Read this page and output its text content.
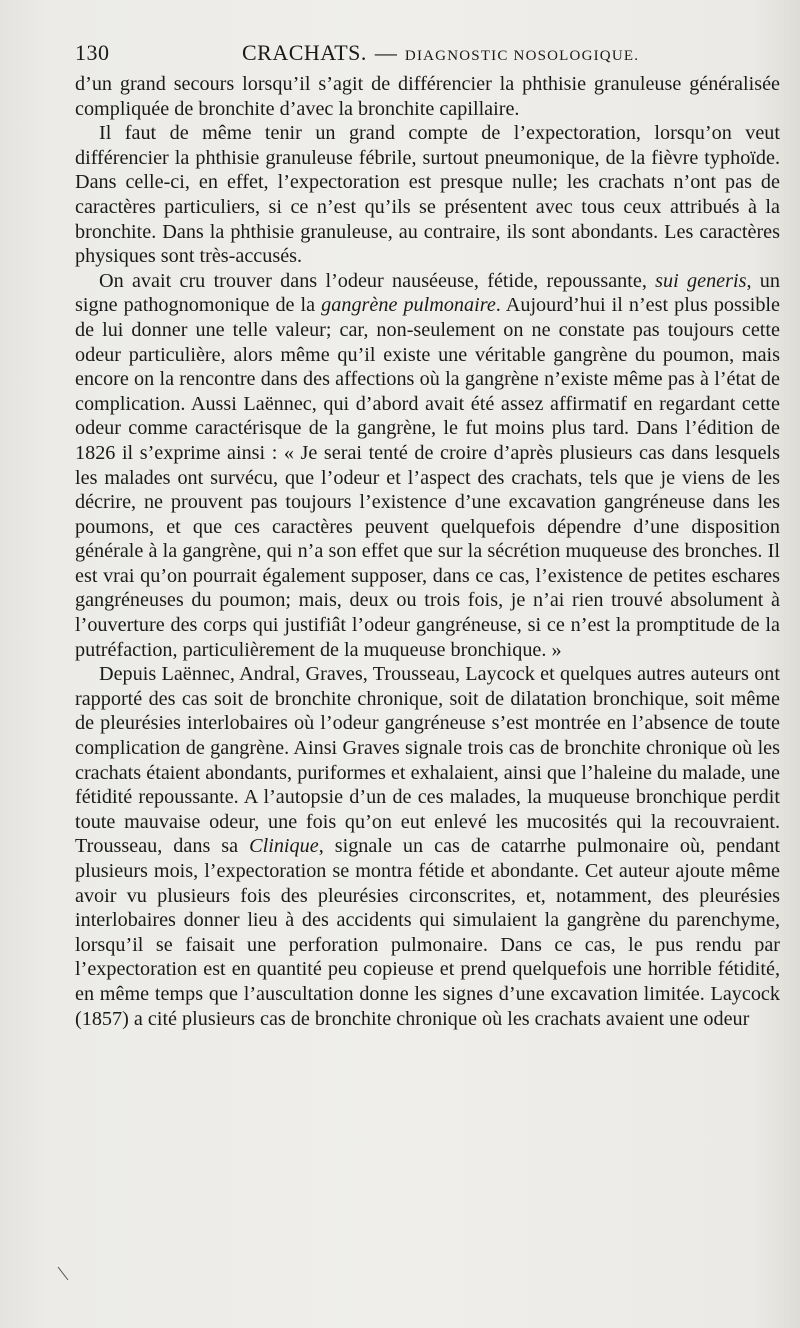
130	CRACHATS. — DIAGNOSTIC NOSOLOGIQUE.

d’un grand secours lorsqu’il s’agit de différencier la phthisie granuleuse généralisée compliquée de bronchite d’avec la bronchite capillaire.

Il faut de même tenir un grand compte de l’expectoration, lorsqu’on veut différencier la phthisie granuleuse fébrile, surtout pneumonique, de la fièvre typhoïde. Dans celle-ci, en effet, l’expectoration est presque nulle; les crachats n’ont pas de caractères particuliers, si ce n’est qu’ils se présentent avec tous ceux attribués à la bronchite. Dans la phthisie granuleuse, au contraire, ils sont abondants. Les caractères physiques sont très-accusés.

On avait cru trouver dans l’odeur nauséeuse, fétide, repoussante, sui generis, un signe pathognomonique de la gangrène pulmonaire. Aujourd’hui il n’est plus possible de lui donner une telle valeur; car, non-seulement on ne constate pas toujours cette odeur particulière, alors même qu’il existe une véritable gangrène du poumon, mais encore on la rencontre dans des affections où la gangrène n’existe même pas à l’état de complication. Aussi Laënnec, qui d’abord avait été assez affirmatif en regardant cette odeur comme caractérisque de la gangrène, le fut moins plus tard. Dans l’édition de 1826 il s’exprime ainsi : « Je serai tenté de croire d’après plusieurs cas dans lesquels les malades ont survécu, que l’odeur et l’aspect des crachats, tels que je viens de les décrire, ne prouvent pas toujours l’existence d’une excavation gangréneuse dans les poumons, et que ces caractères peuvent quelquefois dépendre d’une disposition générale à la gangrène, qui n’a son effet que sur la sécrétion muqueuse des bronches. Il est vrai qu’on pourrait également supposer, dans ce cas, l’existence de petites eschares gangréneuses du poumon; mais, deux ou trois fois, je n’ai rien trouvé absolument à l’ouverture des corps qui justifiât l’odeur gangréneuse, si ce n’est la promptitude de la putréfaction, particulièrement de la muqueuse bronchique. »

Depuis Laënnec, Andral, Graves, Trousseau, Laycock et quelques autres auteurs ont rapporté des cas soit de bronchite chronique, soit de dilatation bronchique, soit même de pleurésies interlobaires où l’odeur gangréneuse s’est montrée en l’absence de toute complication de gangrène. Ainsi Graves signale trois cas de bronchite chronique où les crachats étaient abondants, puriformes et exhalaient, ainsi que l’haleine du malade, une fétidité repoussante. A l’autopsie d’un de ces malades, la muqueuse bronchique perdit toute mauvaise odeur, une fois qu’on eut enlevé les mucosités qui la recouvraient. Trousseau, dans sa Clinique, signale un cas de catarrhe pulmonaire où, pendant plusieurs mois, l’expectoration se montra fétide et abondante. Cet auteur ajoute même avoir vu plusieurs fois des pleurésies circonscrites, et, notamment, des pleurésies interlobaires donner lieu à des accidents qui simulaient la gangrène du parenchyme, lorsqu’il se faisait une perforation pulmonaire. Dans ce cas, le pus rendu par l’expectoration est en quantité peu copieuse et prend quelquefois une horrible fétidité, en même temps que l’auscultation donne les signes d’une excavation limitée. Laycock (1857) a cité plusieurs cas de bronchite chronique où les crachats avaient une odeur
